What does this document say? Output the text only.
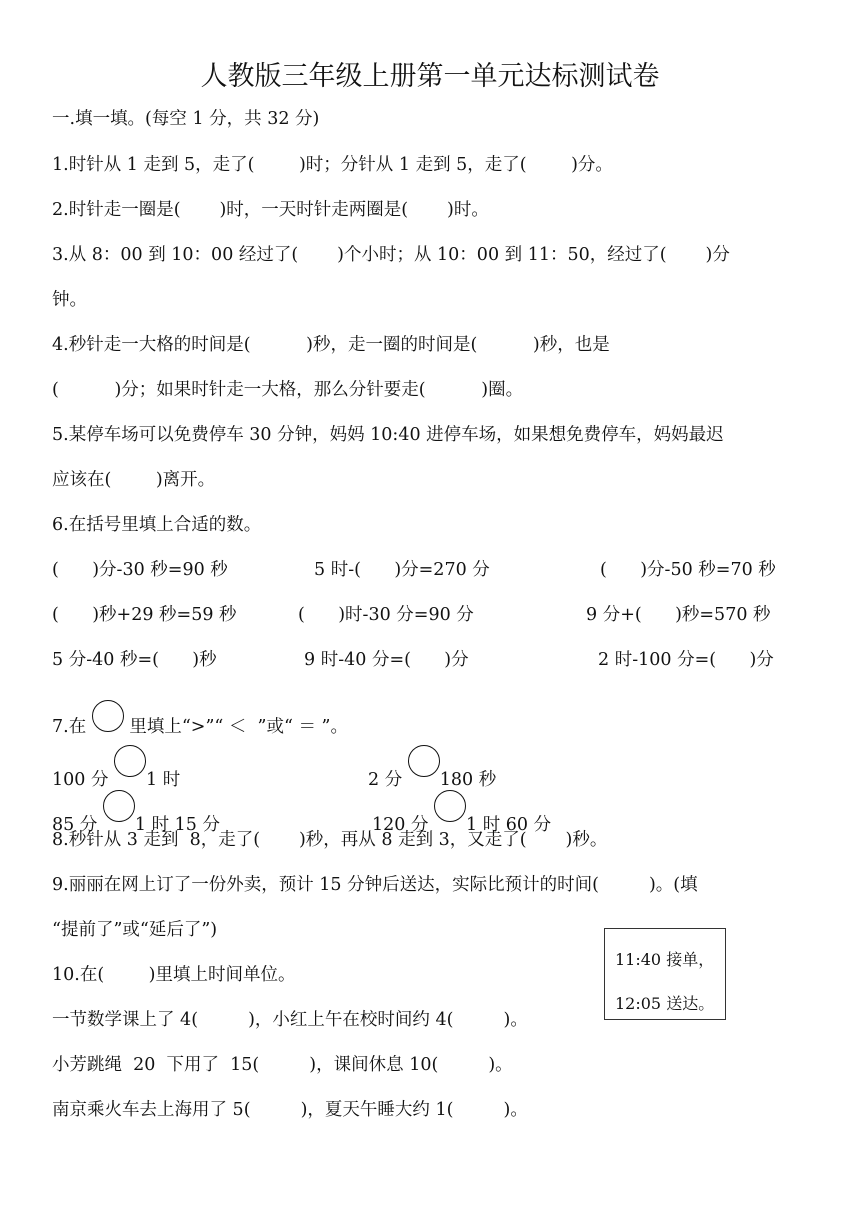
人教版三年级上册第一单元达标测试卷
一.填一填。(每空 1 分，共 32 分)
1.时针从 1 走到 5，走了(        )时；分针从 1 走到 5，走了(        )分。
2.时针走一圈是(       )时，一天时针走两圈是(       )时。
3.从 8：00 到 10：00 经过了(       )个小时；从 10：00 到 11：50，经过了(       )分
钟。
4.秒针走一大格的时间是(          )秒，走一圈的时间是(          )秒，也是
(          )分；如果时针走一大格，那么分针要走(          )圈。
5.某停车场可以免费停车 30 分钟，妈妈 10:40 进停车场，如果想免费停车，妈妈最迟
应该在(        )离开。
6.在括号里填上合适的数。
(      )分-30 秒=90 秒	5 时-(      )分=270 分	(      )分-50 秒=70 秒
(      )秒+29 秒=59 秒	(      )时-30 分=90 分	9 分+(      )秒=570 秒
5 分-40 秒=(      )秒	9 时-40 分=(      )分	2 时-100 分=(      )分
7.在  里填上“>”“ ＜  ”或“ ＝ ”。
100 分 1 时	2 分 180 秒
85 分 1 时 15 分	120 分 1 时 60 分
8.秒针从 3 走到  8，走了(       )秒，再从 8 走到 3，又走了(       )秒。
9.丽丽在网上订了一份外卖，预计 15 分钟后送达，实际比预计的时间(         )。(填
“提前了”或“延后了”)
10.在(        )里填上时间单位。
一节数学课上了 4(         )，小红上午在校时间约 4(         )。
小芳跳绳  20  下用了  15(         )，课间休息 10(         )。
南京乘火车去上海用了 5(         )，夏天午睡大约 1(         )。
11:40 接单，
12:05 送达。
